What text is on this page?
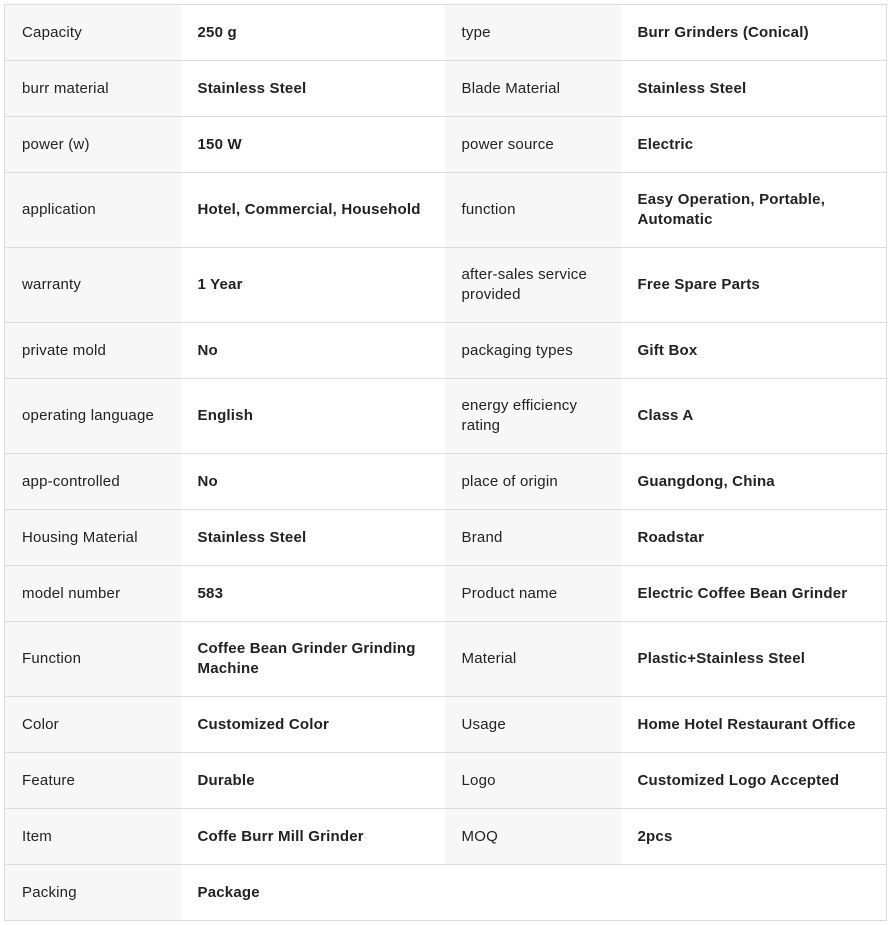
Capacity	250 g	type	Burr Grinders (Conical)
burr material	Stainless Steel	Blade Material	Stainless Steel
power (w)	150 W	power source	Electric
application	Hotel, Commercial, Household	function	Easy Operation, Portable, Automatic
warranty	1 Year	after-sales service provided	Free Spare Parts
private mold	No	packaging types	Gift Box
operating language	English	energy efficiency rating	Class A
app-controlled	No	place of origin	Guangdong, China
Housing Material	Stainless Steel	Brand	Roadstar
model number	583	Product name	Electric Coffee Bean Grinder
Function	Coffee Bean Grinder Grinding Machine	Material	Plastic+Stainless Steel
Color	Customized Color	Usage	Home Hotel Restaurant Office
Feature	Durable	Logo	Customized Logo Accepted
Item	Coffe Burr Mill Grinder	MOQ	2pcs
Packing	Package		
